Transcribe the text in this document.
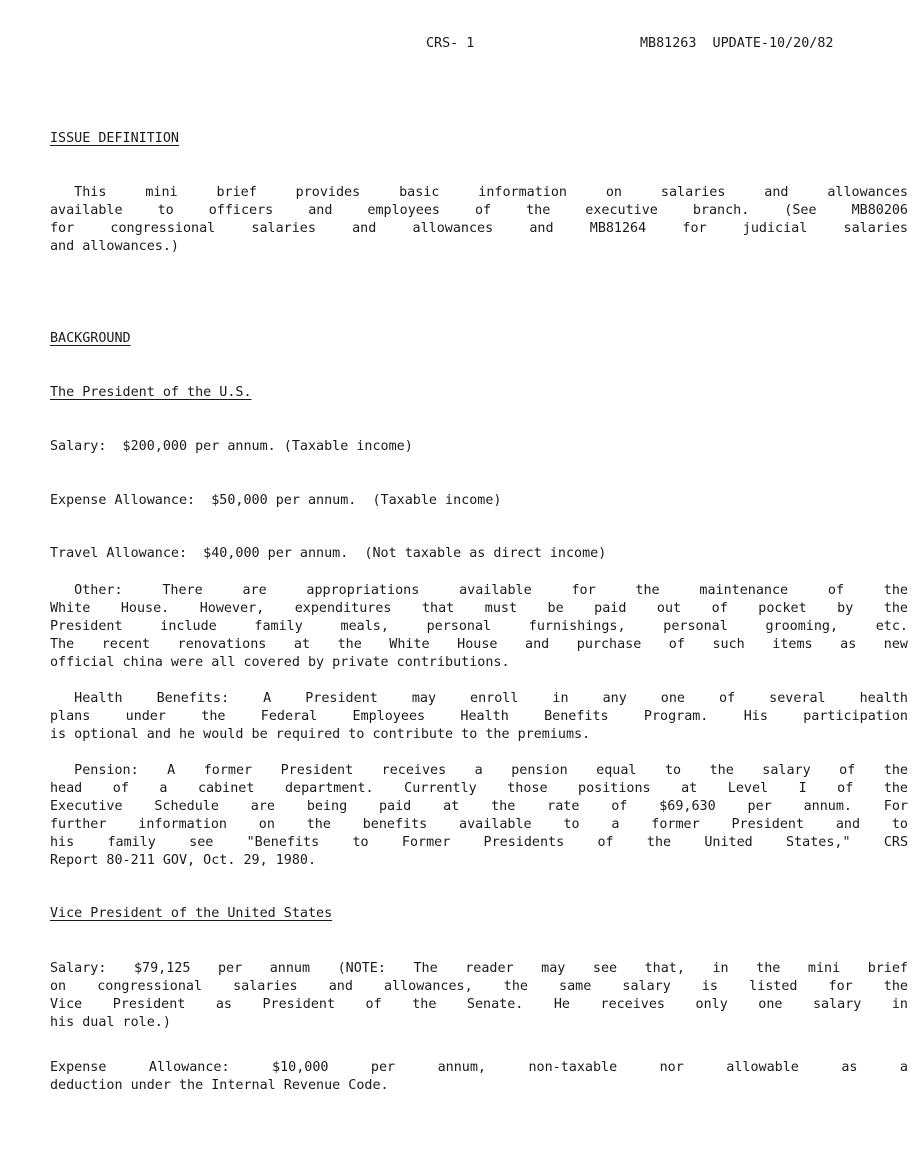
CRS- 1	MB81263  UPDATE-10/20/82
ISSUE DEFINITION
This mini brief provides basic information on salaries and allowances
available to officers and employees of the executive branch. (See MB80206
for congressional salaries and allowances and MB81264 for judicial salaries
and allowances.)
BACKGROUND
The President of the U.S.
Salary:  $200,000 per annum. (Taxable income)
Expense Allowance:  $50,000 per annum.  (Taxable income)
Travel Allowance:  $40,000 per annum.  (Not taxable as direct income)
Other: There are appropriations available for the maintenance of the
White House. However, expenditures that must be paid out of pocket by the
President include family meals, personal furnishings, personal grooming, etc.
The recent renovations at the White House and purchase of such items as new
official china were all covered by private contributions.
Health Benefits: A President may enroll in any one of several health
plans under the Federal Employees Health Benefits Program. His participation
is optional and he would be required to contribute to the premiums.
Pension: A former President receives a pension equal to the salary of the
head of a cabinet department. Currently those positions at Level I of the
Executive Schedule are being paid at the rate of $69,630 per annum. For
further information on the benefits available to a former President and to
his family see "Benefits to Former Presidents of the United States," CRS
Report 80-211 GOV, Oct. 29, 1980.
Vice President of the United States
Salary: $79,125 per annum (NOTE: The reader may see that, in the mini brief
on congressional salaries and allowances, the same salary is listed for the
Vice President as President of the Senate. He receives only one salary in
his dual role.)
Expense Allowance: $10,000 per annum, non-taxable nor allowable as a
deduction under the Internal Revenue Code.
